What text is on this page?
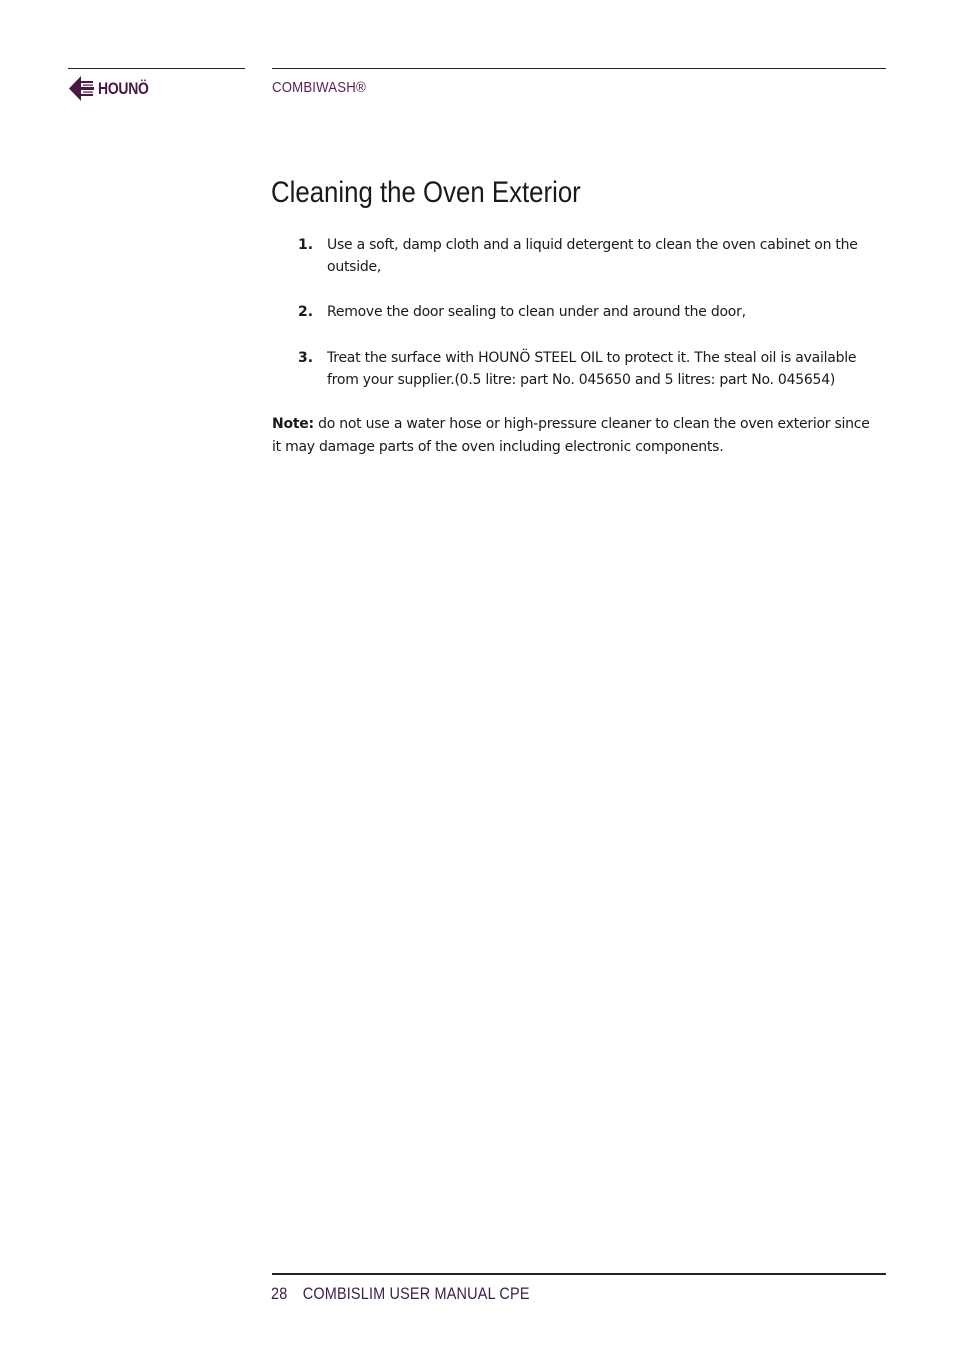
HOUNÖ	COMBIWASH®
Cleaning the Oven Exterior
1. Use a soft, damp cloth and a liquid detergent to clean the oven cabinet on the outside,
2. Remove the door sealing to clean under and around the door,
3. Treat the surface with HOUNÖ STEEL OIL to protect it. The steal oil is available from your supplier.(0.5 litre: part No. 045650 and 5 litres: part No. 045654)

Note: do not use a water hose or high-pressure cleaner to clean the oven exterior since it may damage parts of the oven including electronic components.

28 COMBISLIM USER MANUAL CPE
